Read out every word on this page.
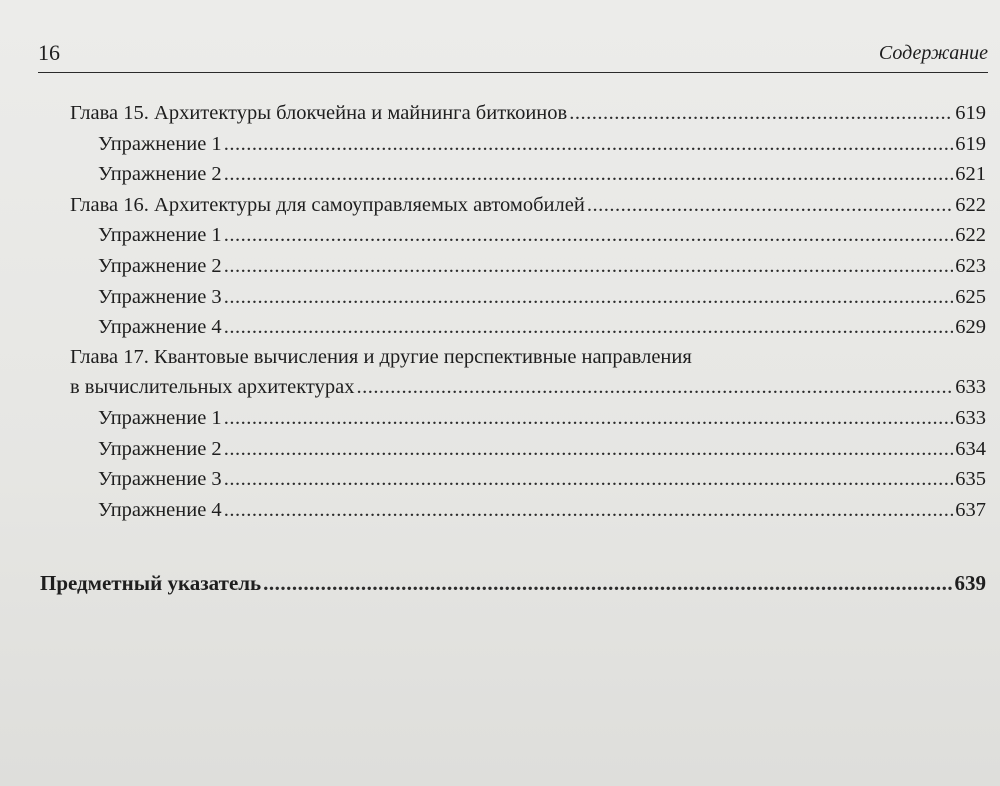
16	Содержание
Глава 15. Архитектуры блокчейна и майнинга биткоинов .....	619
Упражнение 1 .....	619
Упражнение 2 .....	621
Глава 16. Архитектуры для самоуправляемых автомобилей .....	622
Упражнение 1 .....	622
Упражнение 2 .....	623
Упражнение 3 .....	625
Упражнение 4 .....	629
Глава 17. Квантовые вычисления и другие перспективные направления
в вычислительных архитектурах .....	633
Упражнение 1 .....	633
Упражнение 2 .....	634
Упражнение 3 .....	635
Упражнение 4 .....	637
Предметный указатель .....	639
